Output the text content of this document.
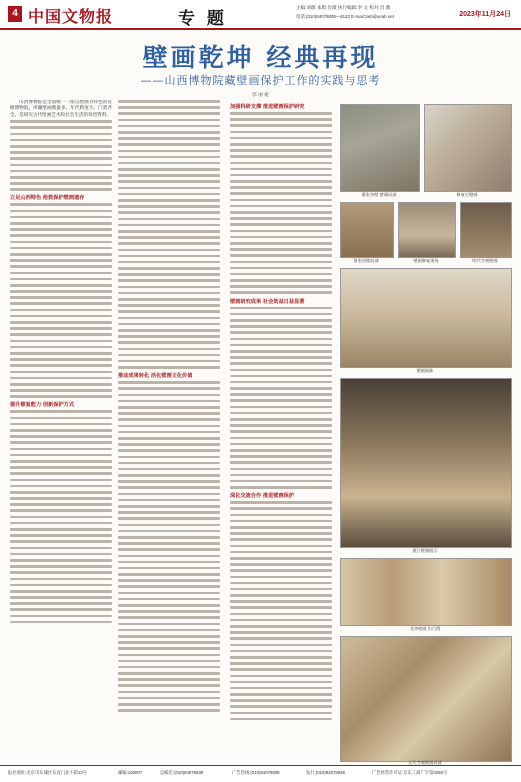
4 中国文物报	专 题
主编:刘薇 本版:肖薇 执行编辑:李 文 校对:肖 薇
电话:(010)84078838—8122 E-mail:zwb@yeah.net	2023年11月24日
壁画乾坤 经典再现
——山西博物院藏壁画保护工作的实践与思考
郭 丽 娅

山西博物院是全国唯一一座以壁画为特色的省级博物院，所藏壁画数量多、年代跨度大、门类齐全，是研究古代壁画艺术和社会生活的珍贵资料。

立足山西特色 抢救保护壁画遗存
提升修复能力 创新保护方式
推动成果转化 活化壁画文化价值
加强科研支撑 推进壁画保护研究
壁画研究成果 社会效益日益显著
深化交流合作 推进壁画保护
墓室东壁 壁画局部	修复后壁画
墓室西壁局部	壁画修复现场	明代寺观壁画
壁画展陈
展厅壁画展示
北齐壁画 出行图
元代寺观壁画局部
报社地址:北京市东城区东直门北小街13号	邮编:100007	总编室:(010)84078838	广告热线:(010)84078838	发行:(010)84078838	广告经营许可证:京东工商广字第0265号
